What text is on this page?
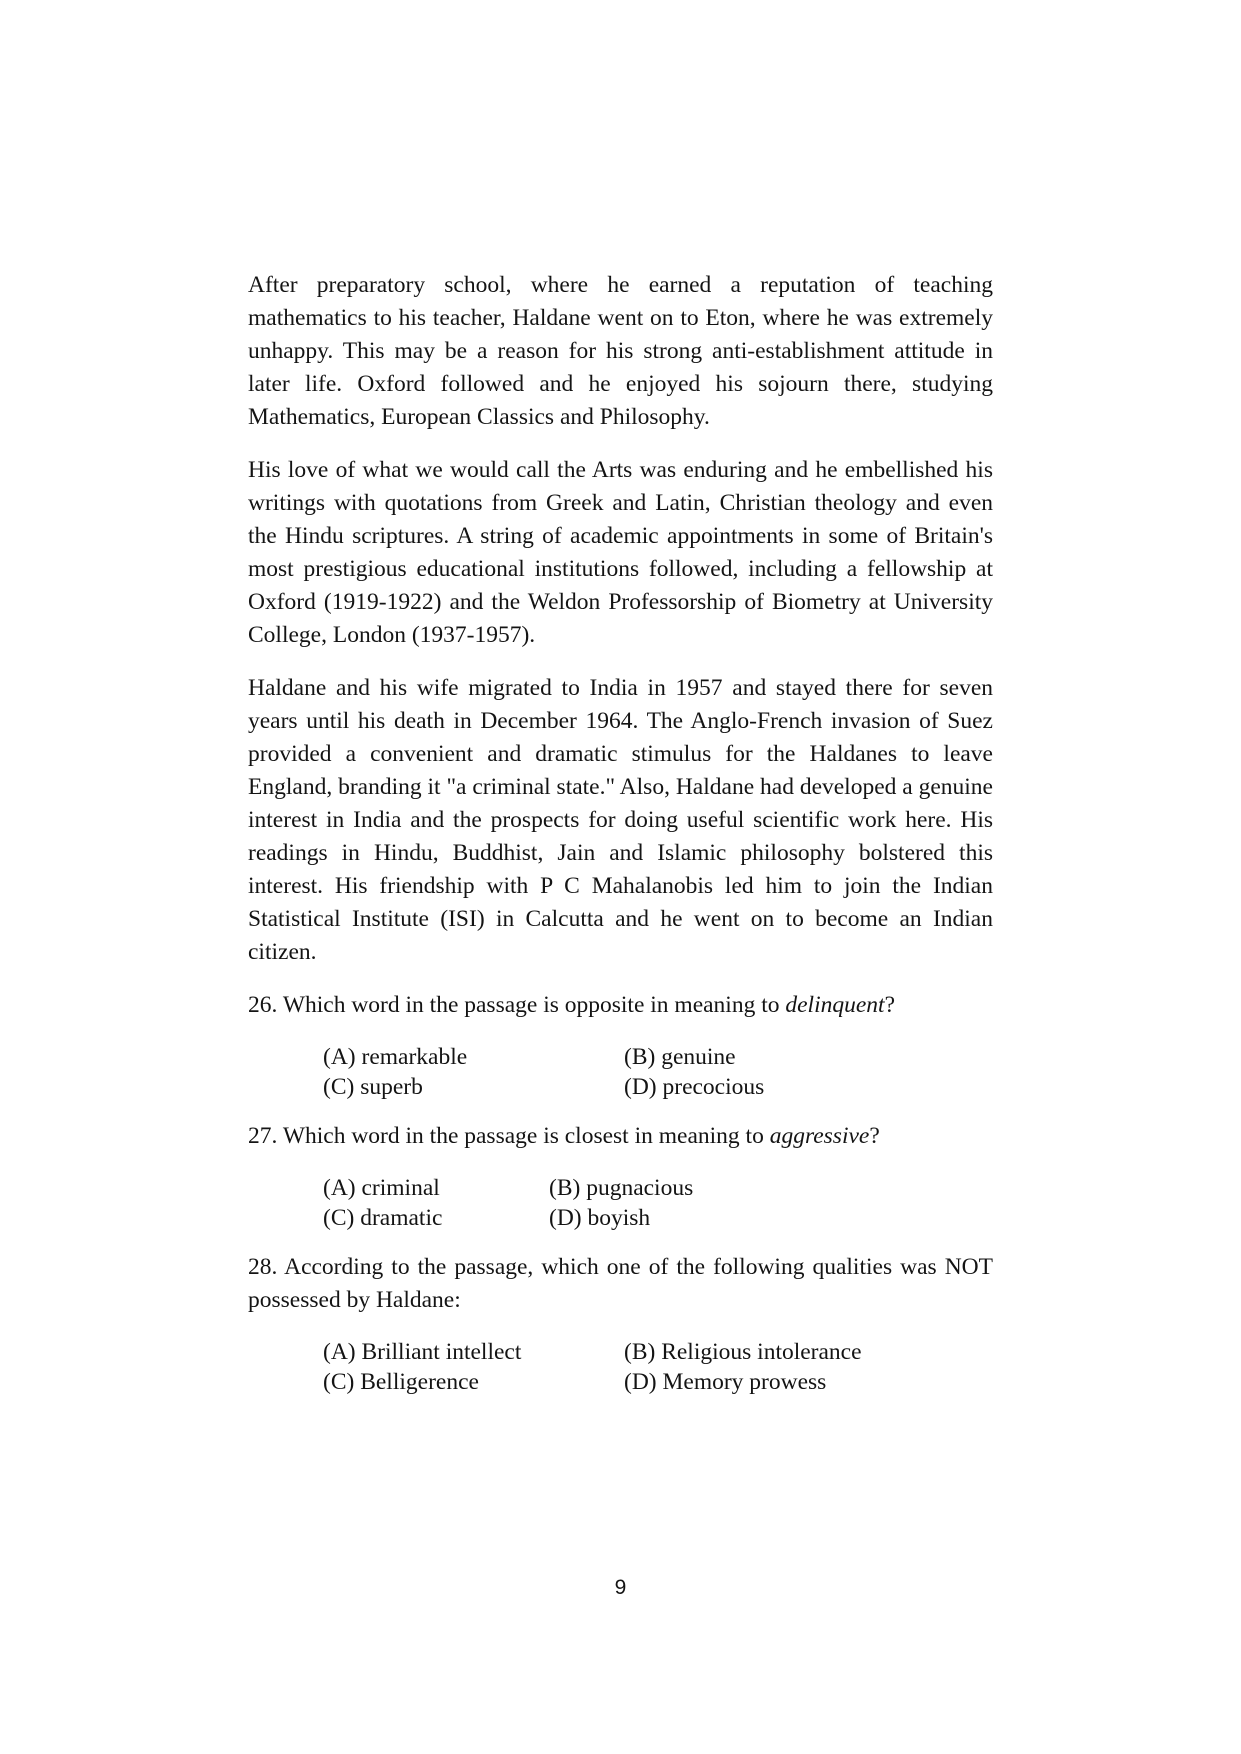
After preparatory school, where he earned a reputation of teaching mathematics to his teacher, Haldane went on to Eton, where he was extremely unhappy. This may be a reason for his strong anti-establishment attitude in later life. Oxford followed and he enjoyed his sojourn there, studying Mathematics, European Classics and Philosophy.

His love of what we would call the Arts was enduring and he embellished his writings with quotations from Greek and Latin, Christian theology and even the Hindu scriptures. A string of academic appointments in some of Britain's most prestigious educational institutions followed, including a fellowship at Oxford (1919-1922) and the Weldon Professorship of Biometry at University College, London (1937-1957).

Haldane and his wife migrated to India in 1957 and stayed there for seven years until his death in December 1964. The Anglo-French invasion of Suez provided a convenient and dramatic stimulus for the Haldanes to leave England, branding it "a criminal state." Also, Haldane had developed a genuine interest in India and the prospects for doing useful scientific work here. His readings in Hindu, Buddhist, Jain and Islamic philosophy bolstered this interest. His friendship with P C Mahalanobis led him to join the Indian Statistical Institute (ISI) in Calcutta and he went on to become an Indian citizen.

26. Which word in the passage is opposite in meaning to delinquent?

(A) remarkable	(B) genuine
(C) superb	(D) precocious

27. Which word in the passage is closest in meaning to aggressive?

(A) criminal	(B) pugnacious
(C) dramatic	(D) boyish

28. According to the passage, which one of the following qualities was NOT possessed by Haldane:

(A) Brilliant intellect	(B) Religious intolerance
(C) Belligerence	(D) Memory prowess
9
